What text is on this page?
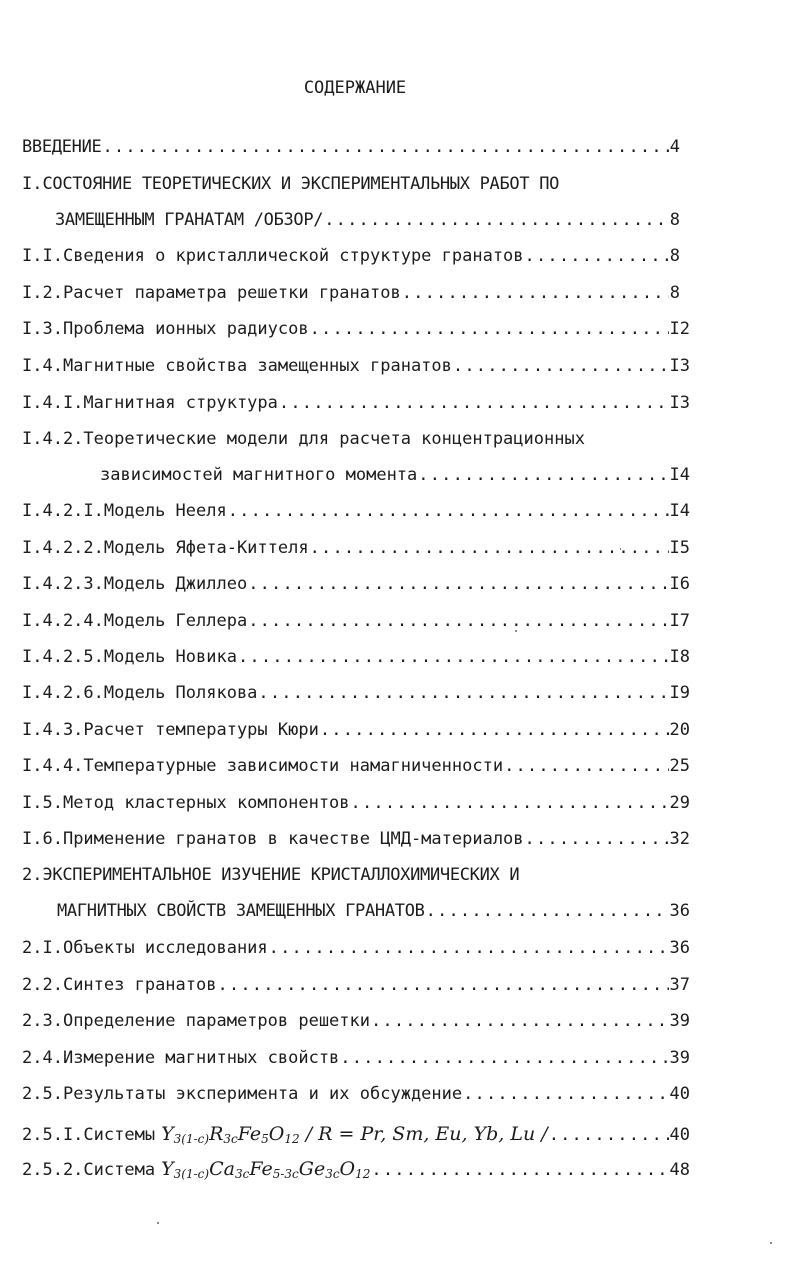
СОДЕРЖАНИЕ
ВВЕДЕНИЕ .....	4
I. СОСТОЯНИЕ ТЕОРЕТИЧЕСКИХ И ЭКСПЕРИМЕНТАЛЬНЫХ РАБОТ ПО
ЗАМЕЩЕННЫМ ГРАНАТАМ /ОБЗОР/ .....	8
I.I. Сведения о кристаллической структуре гранатов .....	8
I.2. Расчет параметра решетки гранатов .....	8
I.3. Проблема ионных радиусов .....	I2
I.4. Магнитные свойства замещенных гранатов .....	I3
I.4.I. Магнитная структура .....	I3
I.4.2. Теоретические модели для расчета концентрационных
зависимостей магнитного момента .....	I4
I.4.2.I. Модель Нееля .....	I4
I.4.2.2. Модель Яфета-Киттеля .....	I5
I.4.2.3. Модель Джиллео .....	I6
I.4.2.4. Модель Геллера .....	I7
I.4.2.5. Модель Новика .....	I8
I.4.2.6. Модель Полякова .....	I9
I.4.3. Расчет температуры Кюри .....	20
I.4.4. Температурные зависимости намагниченности .....	25
I.5. Метод кластерных компонентов .....	29
I.6. Применение гранатов в качестве ЦМД-материалов .....	32
2. ЭКСПЕРИМЕНТАЛЬНОЕ ИЗУЧЕНИЕ КРИСТАЛЛОХИМИЧЕСКИХ И
МАГНИТНЫХ СВОЙСТВ ЗАМЕЩЕННЫХ ГРАНАТОВ .....	36
2.I. Объекты исследования .....	36
2.2. Синтез гранатов .....	37
2.3. Определение параметров решетки .....	39
2.4. Измерение магнитных свойств .....	39
2.5. Результаты эксперимента и их обсуждение .....	40
2.5.I. Системы $Y_{3(1-c)}R_{3c}Fe_5O_{12} / R = Pr$, Sm, Eu, Yb, Lu / .....	40
2.5.2. Система $Y_{3(1-c)}Ca_{3c}Fe_{5-3c}Ge_{3c}O_{12}$ .....	48
